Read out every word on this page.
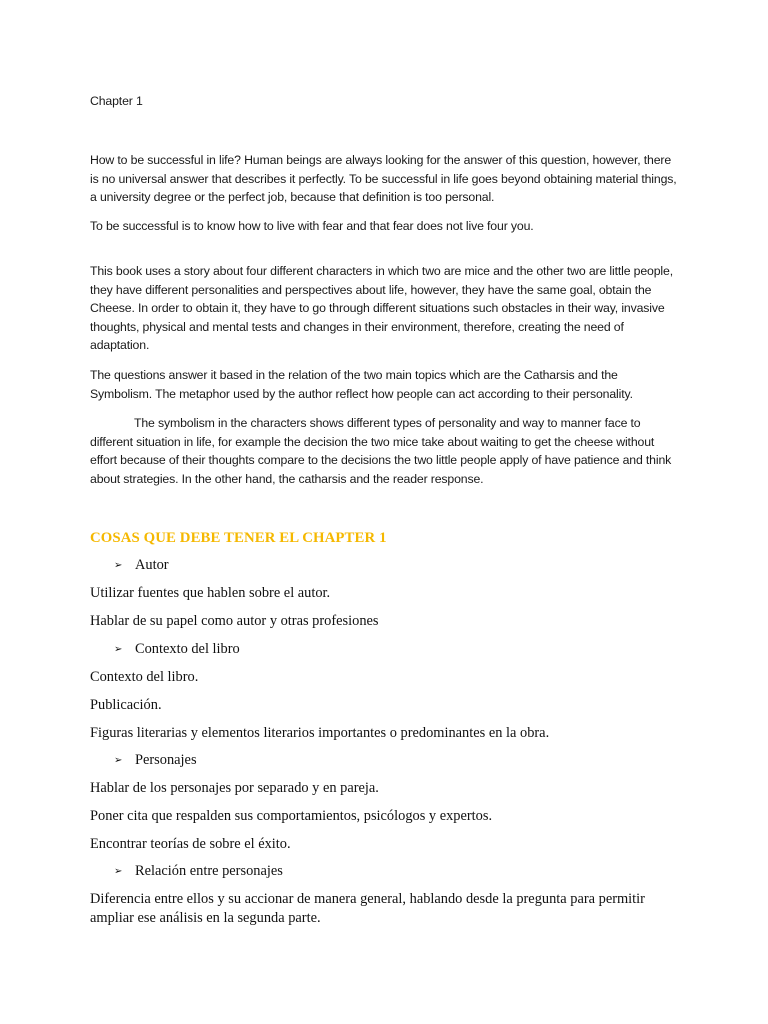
Chapter 1

How to be successful in life? Human beings are always looking for the answer of this question, however, there is no universal answer that describes it perfectly. To be successful in life goes beyond obtaining material things, a university degree or the perfect job, because that definition is too personal.

To be successful is to know how to live with fear and that fear does not live four you.

This book uses a story about four different characters in which two are mice and the other two are little people, they have different personalities and perspectives about life, however, they have the same goal, obtain the Cheese. In order to obtain it, they have to go through different situations such obstacles in their way, invasive thoughts, physical and mental tests and changes in their environment, therefore, creating the need of adaptation.

The questions answer it based in the relation of the two main topics which are the Catharsis and the Symbolism. The metaphor used by the author reflect how people can act according to their personality.

The symbolism in the characters shows different types of personality and way to manner face to different situation in life, for example the decision the two mice take about waiting to get the cheese without effort because of their thoughts compare to the decisions the two little people apply of have patience and think about strategies. In the other hand, the catharsis and the reader response.

COSAS QUE DEBE TENER EL CHAPTER 1

➢ Autor

Utilizar fuentes que hablen sobre el autor.

Hablar de su papel como autor y otras profesiones

➢ Contexto del libro

Contexto del libro.

Publicación.

Figuras literarias y elementos literarios importantes o predominantes en la obra.

➢ Personajes

Hablar de los personajes por separado y en pareja.

Poner cita que respalden sus comportamientos, psicólogos y expertos.

Encontrar teorías de sobre el éxito.

➢ Relación entre personajes

Diferencia entre ellos y su accionar de manera general, hablando desde la pregunta para permitir ampliar ese análisis en la segunda parte.
